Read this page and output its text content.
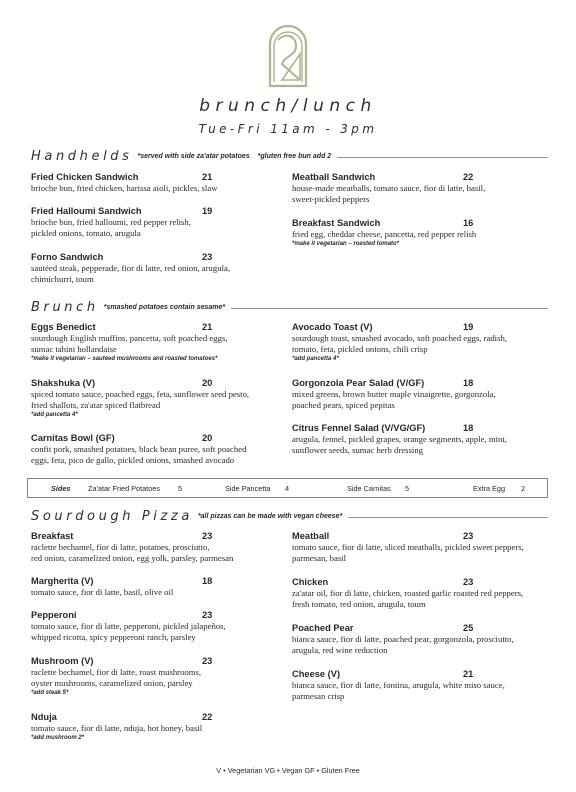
brunch/lunch
Tue-Fri 11am - 3pm
Handhelds *served with side za'atar potatoes *gluten free bun add 2
Fried Chicken Sandwich	21
brioche bun, fried chicken, harissa aioli, pickles, slaw
Fried Halloumi Sandwich	19
brioche bun, fried halloumi, red pepper relish,
pickled onions, tomato, arugula
Forno Sandwich	23
sautéed steak, pepperade, fior di latte, red onion, arugula,
chimichurri, toum
Meatball Sandwich	22
house-made meatballs, tomato sauce, fior di latte, basil,
sweet-pickled peppers
Breakfast Sandwich	16
fried egg, cheddar cheese, pancetta, red pepper relish
*make it vegetarian – roasted tomato*
Brunch *smashed potatoes contain sesame*
Eggs Benedict	21
sourdough English muffins, pancetta, soft poached eggs,
sumac tahini hollandaise
*make it vegetarian – sautéed mushrooms and roasted tomatoes*
Shakshuka (V)	20
spiced tomato sauce, poached eggs, feta, sunflower seed pesto,
fried shallots, za'atar spiced flatbread
*add pancetta 4*
Carnitas Bowl (GF)	20
confit pork, smashed potatoes, black bean puree, soft poached
eggs, feta, pico de gallo, pickled onions, smashed avocado
Avocado Toast (V)	19
sourdough toast, smashed avocado, soft poached eggs, radish,
tomato, feta, pickled onions, chili crisp
*add pancetta 4*
Gorgonzola Pear Salad (V/GF)	18
mixed greens, brown butter maple vinaigrette, gorgonzola,
poached pears, spiced pepitas
Citrus Fennel Salad (V/VG/GF)	18
arugula, fennel, pickled grapes, orange segments, apple, mint,
sunflower seeds, sumac herb dressing
Sides Za'atar Fried Potatoes 5	Side Pancetta 4	Side Carnitas 5	Extra Egg 2
Sourdough Pizza *all pizzas can be made with vegan cheese*
Breakfast	23
raclette bechamel, fior di latte, potatoes, prosciutto,
red onion, caramelized onion, egg yolk, parsley, parmesan
Margherita (V)	18
tomato sauce, fior di latte, basil, olive oil
Pepperoni	23
tomato sauce, fior di latte, pepperoni, pickled jalapeños,
whipped ricotta, spicy pepperoni ranch, parsley
Mushroom (V)	23
raclette bechamel, fior di latte, roast mushrooms,
oyster mushrooms, caramelized onion, parsley
*add steak 5*
Nduja	22
tomato sauce, fior di latte, nduja, hot honey, basil
*add mushroom 2*
Meatball	23
tomato sauce, fior di latte, sliced meatballs, pickled sweet peppers,
parmesan, basil
Chicken	23
za'atar oil, fior di latte, chicken, roasted garlic roasted red peppers,
fresh tomato, red onion, arugula, toum
Poached Pear	25
bianca sauce, fior di latte, poached pear, gorgonzola, prosciutto,
arugula, red wine reduction
Cheese (V)	21
bianca sauce, fior di latte, fontina, arugula, white miso sauce,
parmesan crisp
V • Vegetarian VG • Vegan GF • Gluten Free
